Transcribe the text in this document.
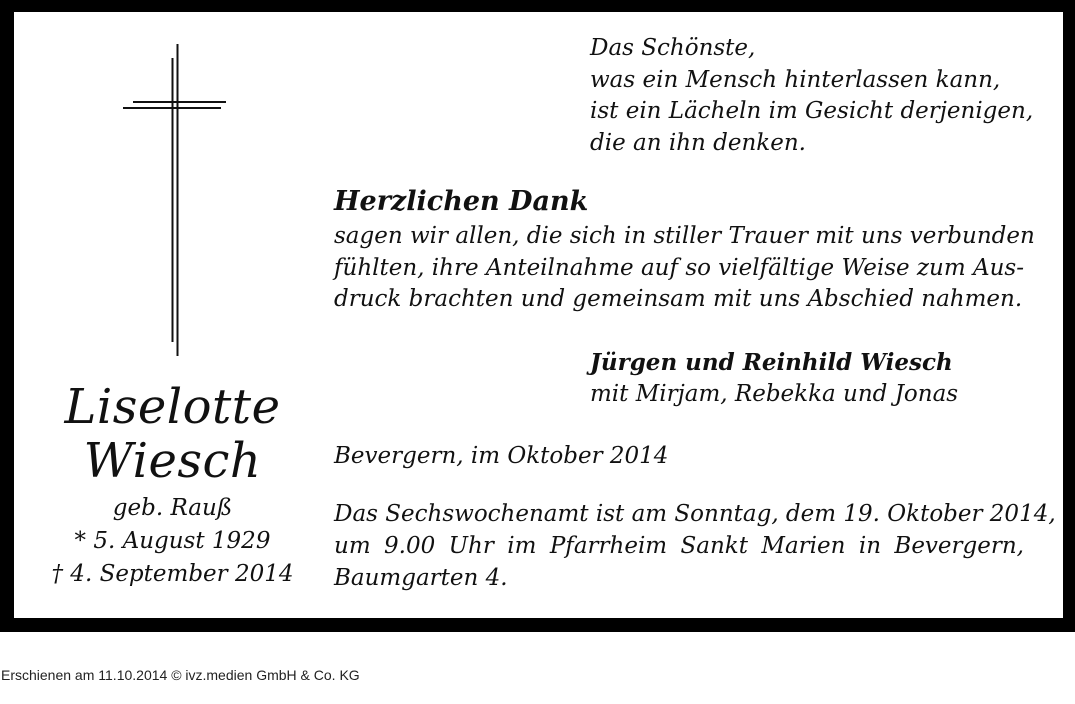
Liselotte
Wiesch
geb. Rauß
* 5. August 1929
† 4. September 2014
Das Schönste,
was ein Mensch hinterlassen kann,
ist ein Lächeln im Gesicht derjenigen,
die an ihn denken.
Herzlichen Dank
sagen wir allen, die sich in stiller Trauer mit uns verbunden
fühlten, ihre Anteilnahme auf so vielfältige Weise zum Aus-
druck brachten und gemeinsam mit uns Abschied nahmen.
Jürgen und Reinhild Wiesch
mit Mirjam, Rebekka und Jonas
Bevergern, im Oktober 2014
Das Sechswochenamt ist am Sonntag, dem 19. Oktober 2014,
um 9.00 Uhr im Pfarrheim Sankt Marien in Bevergern,
Baumgarten 4.
Erschienen am 11.10.2014 © ivz.medien GmbH & Co. KG
